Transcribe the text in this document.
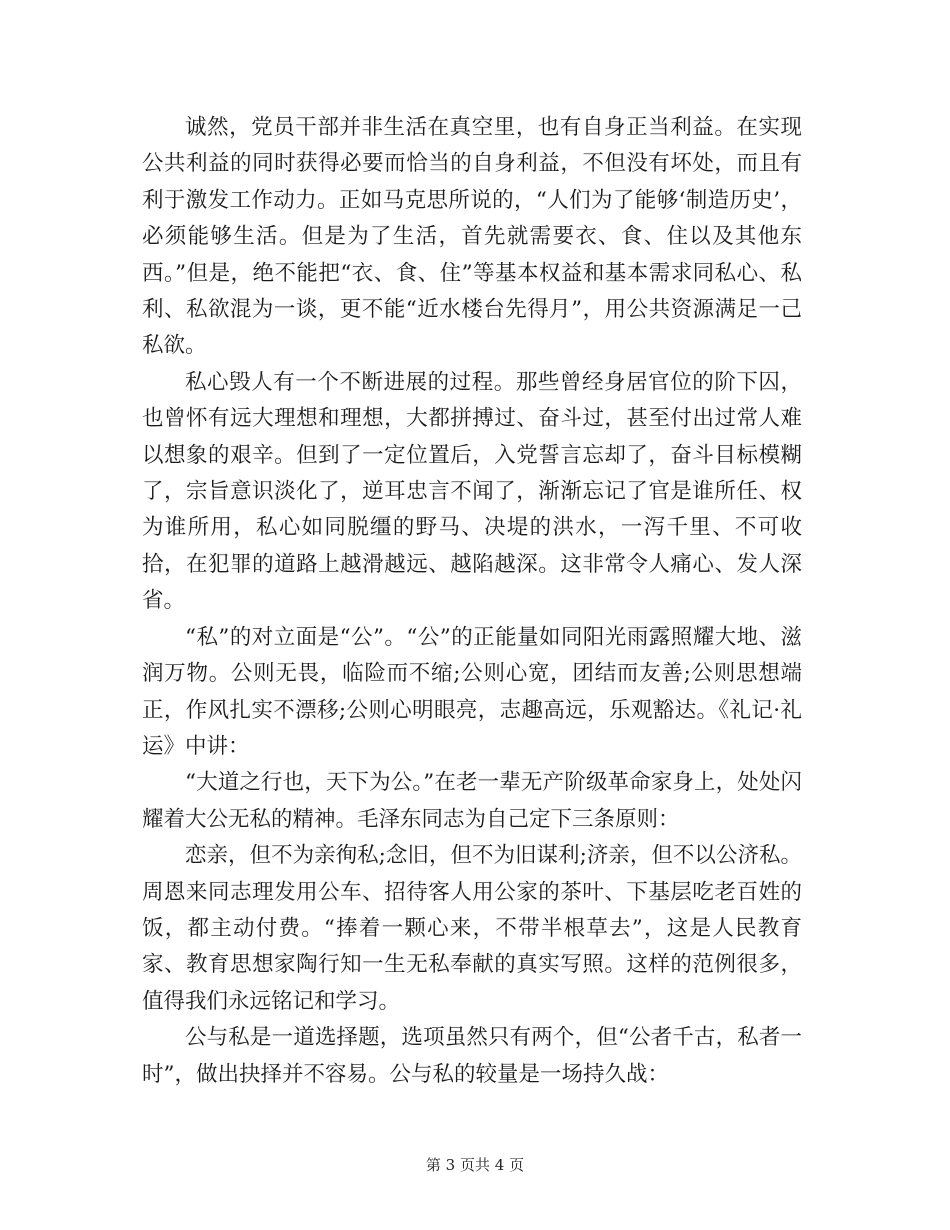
诚然，党员干部并非生活在真空里，也有自身正当利益。在实现公共利益的同时获得必要而恰当的自身利益，不但没有坏处，而且有利于激发工作动力。正如马克思所说的，“人们为了能够‘制造历史’，必须能够生活。但是为了生活，首先就需要衣、食、住以及其他东西。”但是，绝不能把“衣、食、住”等基本权益和基本需求同私心、私利、私欲混为一谈，更不能“近水楼台先得月”，用公共资源满足一己私欲。

私心毁人有一个不断进展的过程。那些曾经身居官位的阶下囚，也曾怀有远大理想和理想，大都拼搏过、奋斗过，甚至付出过常人难以想象的艰辛。但到了一定位置后，入党誓言忘却了，奋斗目标模糊了，宗旨意识淡化了，逆耳忠言不闻了，渐渐忘记了官是谁所任、权为谁所用，私心如同脱缰的野马、决堤的洪水，一泻千里、不可收拾，在犯罪的道路上越滑越远、越陷越深。这非常令人痛心、发人深省。

“私”的对立面是“公”。“公”的正能量如同阳光雨露照耀大地、滋润万物。公则无畏，临险而不缩;公则心宽，团结而友善;公则思想端正，作风扎实不漂移;公则心明眼亮，志趣高远，乐观豁达。《礼记·礼运》中讲：

“大道之行也，天下为公。”在老一辈无产阶级革命家身上，处处闪耀着大公无私的精神。毛泽东同志为自己定下三条原则：

恋亲，但不为亲徇私;念旧，但不为旧谋利;济亲，但不以公济私。周恩来同志理发用公车、招待客人用公家的茶叶、下基层吃老百姓的饭，都主动付费。“捧着一颗心来，不带半根草去”，这是人民教育家、教育思想家陶行知一生无私奉献的真实写照。这样的范例很多，值得我们永远铭记和学习。

公与私是一道选择题，选项虽然只有两个，但“公者千古，私者一时”，做出抉择并不容易。公与私的较量是一场持久战：

第 3 页共 4 页
